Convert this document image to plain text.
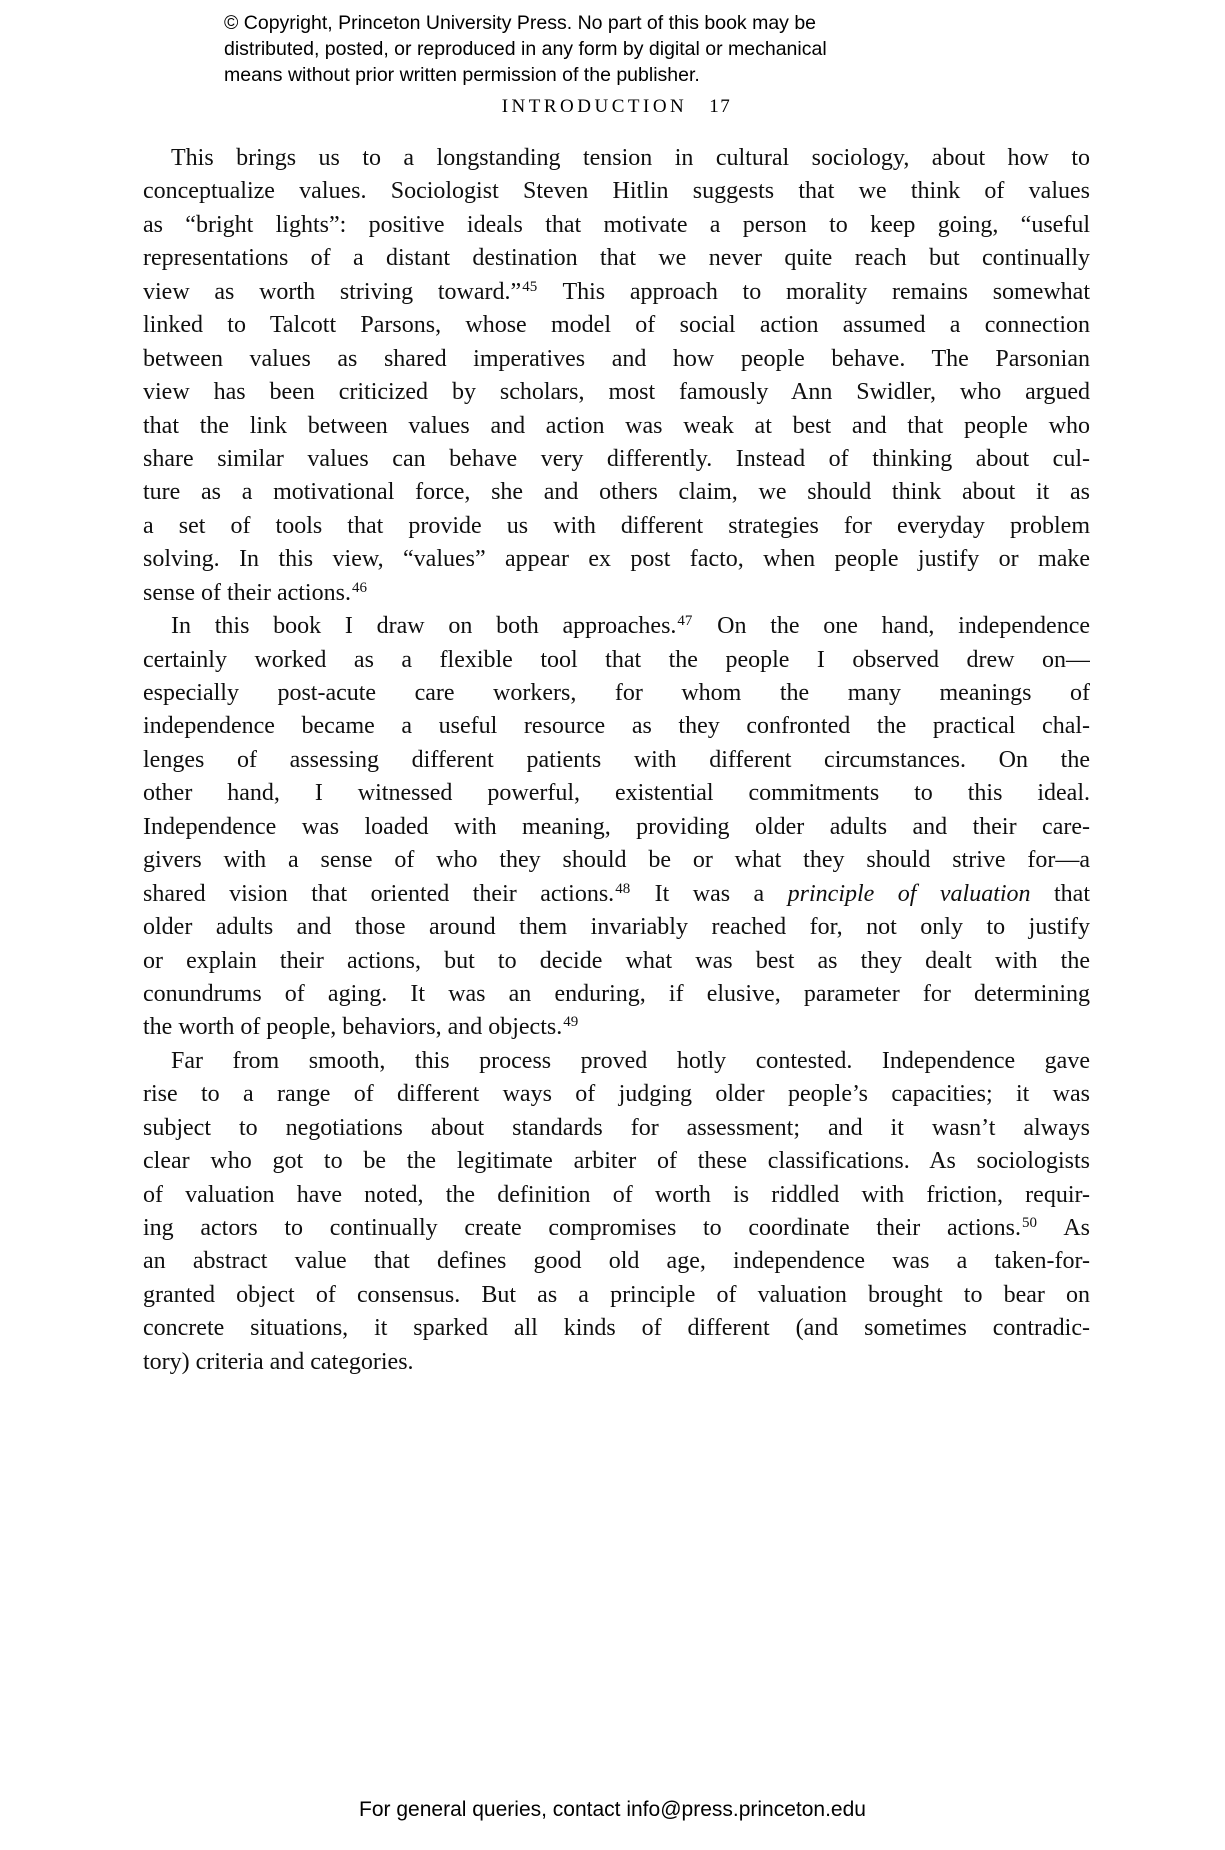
© Copyright, Princeton University Press. No part of this book may be
distributed, posted, or reproduced in any form by digital or mechanical
means without prior written permission of the publisher.
INTRODUCTION 17
This brings us to a longstanding tension in cultural sociology, about how to
conceptualize values. Sociologist Steven Hitlin suggests that we think of values
as “bright lights”: positive ideals that motivate a person to keep going, “useful
representations of a distant destination that we never quite reach but continually
view as worth striving toward.”$^{45}$ This approach to morality remains somewhat
linked to Talcott Parsons, whose model of social action assumed a connection
between values as shared imperatives and how people behave. The Parsonian
view has been criticized by scholars, most famously Ann Swidler, who argued
that the link between values and action was weak at best and that people who
share similar values can behave very differently. Instead of thinking about cul-
ture as a motivational force, she and others claim, we should think about it as
a set of tools that provide us with different strategies for everyday problem
solving. In this view, “values” appear ex post facto, when people justify or make
sense of their actions.$^{46}$
In this book I draw on both approaches.$^{47}$ On the one hand, independence
certainly worked as a flexible tool that the people I observed drew on—
especially post-acute care workers, for whom the many meanings of
independence became a useful resource as they confronted the practical chal-
lenges of assessing different patients with different circumstances. On the
other hand, I witnessed powerful, existential commitments to this ideal.
Independence was loaded with meaning, providing older adults and their care-
givers with a sense of who they should be or what they should strive for—a
shared vision that oriented their actions.$^{48}$ It was a principle of valuation that
older adults and those around them invariably reached for, not only to justify
or explain their actions, but to decide what was best as they dealt with the
conundrums of aging. It was an enduring, if elusive, parameter for determining
the worth of people, behaviors, and objects.$^{49}$
Far from smooth, this process proved hotly contested. Independence gave
rise to a range of different ways of judging older people’s capacities; it was
subject to negotiations about standards for assessment; and it wasn’t always
clear who got to be the legitimate arbiter of these classifications. As sociologists
of valuation have noted, the definition of worth is riddled with friction, requir-
ing actors to continually create compromises to coordinate their actions.$^{50}$ As
an abstract value that defines good old age, independence was a taken-for-
granted object of consensus. But as a principle of valuation brought to bear on
concrete situations, it sparked all kinds of different (and sometimes contradic-
tory) criteria and categories.
For general queries, contact info@press.princeton.edu
